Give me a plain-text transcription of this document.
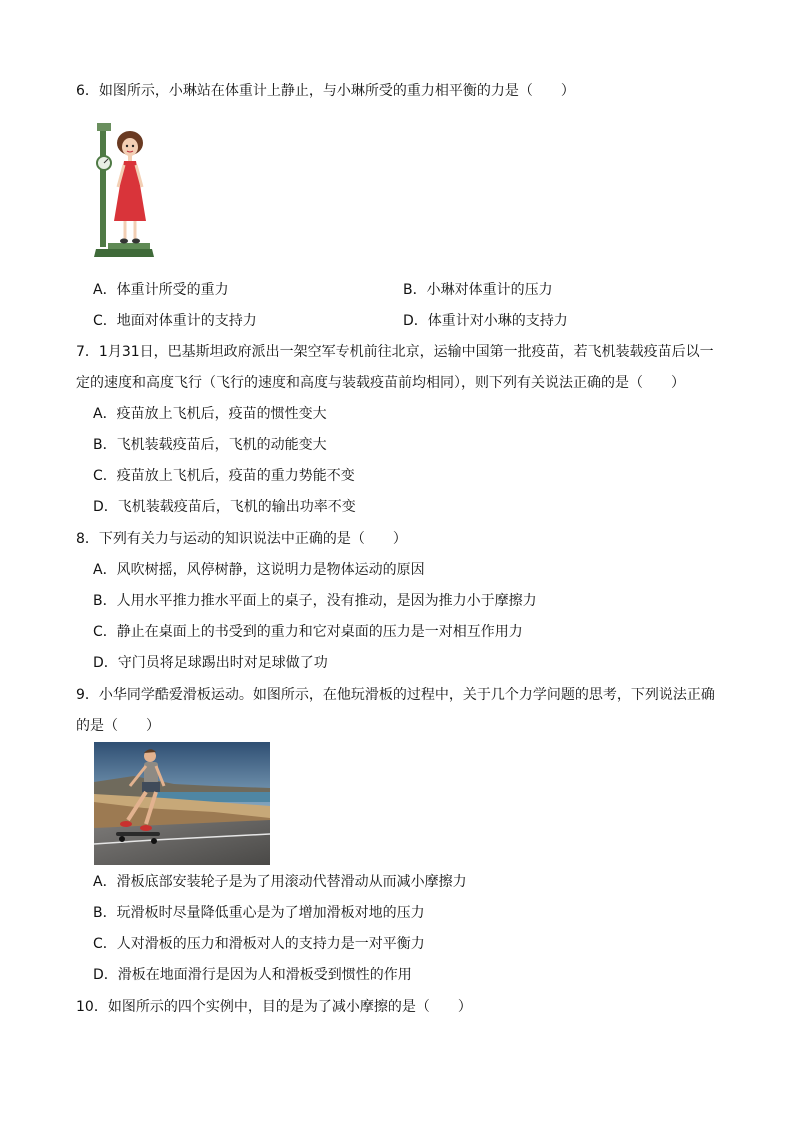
6．如图所示，小琳站在体重计上静止，与小琳所受的重力相平衡的力是（　　）
A．体重计所受的重力	B．小琳对体重计的压力
C．地面对体重计的支持力	D．体重计对小琳的支持力
7．1月31日，巴基斯坦政府派出一架空军专机前往北京，运输中国第一批疫苗，若飞机装载疫苗后以一
定的速度和高度飞行（飞行的速度和高度与装载疫苗前均相同），则下列有关说法正确的是（　　）
A．疫苗放上飞机后，疫苗的惯性变大
B．飞机装载疫苗后，飞机的动能变大
C．疫苗放上飞机后，疫苗的重力势能不变
D．飞机装载疫苗后，飞机的输出功率不变
8．下列有关力与运动的知识说法中正确的是（　　）
A．风吹树摇，风停树静，这说明力是物体运动的原因
B．人用水平推力推水平面上的桌子，没有推动，是因为推力小于摩擦力
C．静止在桌面上的书受到的重力和它对桌面的压力是一对相互作用力
D．守门员将足球踢出时对足球做了功
9．小华同学酷爱滑板运动。如图所示，在他玩滑板的过程中，关于几个力学问题的思考，下列说法正确
的是（　　）
A．滑板底部安装轮子是为了用滚动代替滑动从而减小摩擦力
B．玩滑板时尽量降低重心是为了增加滑板对地的压力
C．人对滑板的压力和滑板对人的支持力是一对平衡力
D．滑板在地面滑行是因为人和滑板受到惯性的作用
10．如图所示的四个实例中，目的是为了减小摩擦的是（　　）
